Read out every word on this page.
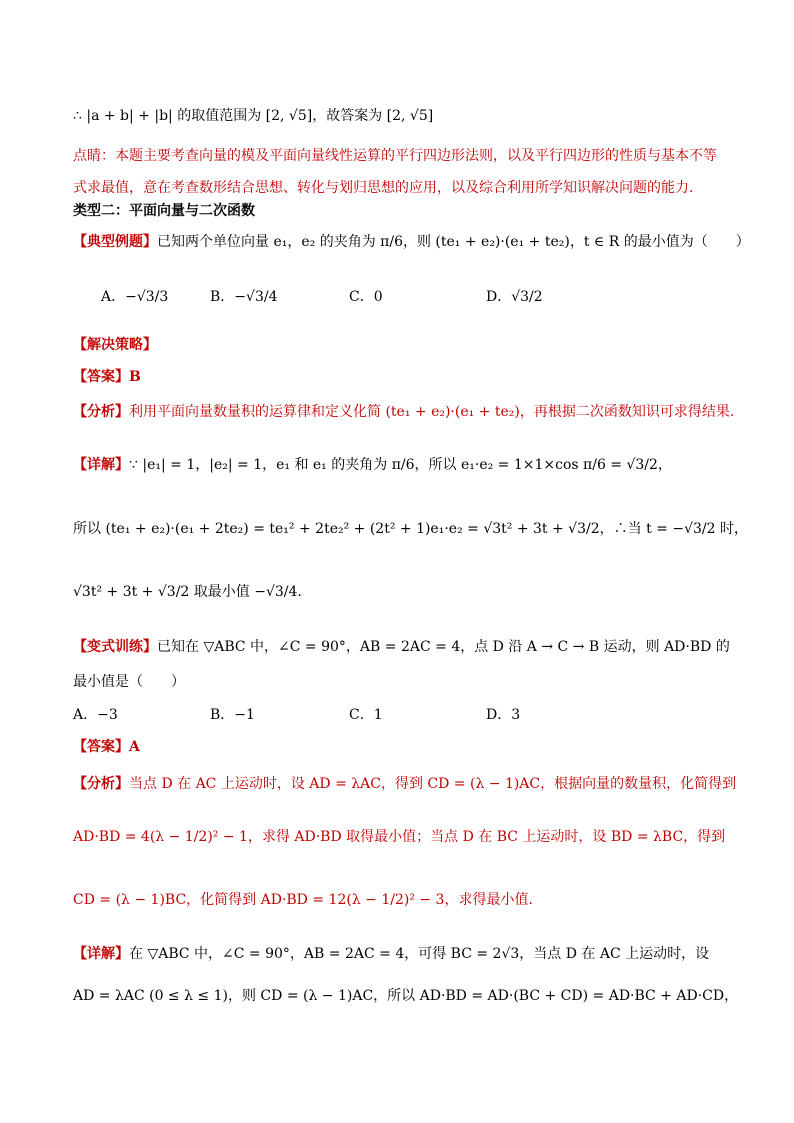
∴ |a + b| + |b| 的取值范围为 [2, √5]，故答案为 [2, √5]
点睛：本题主要考查向量的模及平面向量线性运算的平行四边形法则，以及平行四边形的性质与基本不等
式求最值，意在考查数形结合思想、转化与划归思想的应用，以及综合利用所学知识解决问题的能力.
类型二：平面向量与二次函数
【典型例题】已知两个单位向量 e₁，e₂ 的夹角为 π/6，则 (te₁ + e₂)·(e₁ + te₂)，t ∈ R 的最小值为（　　）
A．−√3/3	B．−√3/4	C．0	D．√3/2
【解决策略】
【答案】B
【分析】利用平面向量数量积的运算律和定义化简 (te₁ + e₂)·(e₁ + te₂)，再根据二次函数知识可求得结果.
【详解】∵ |e₁| = 1，|e₂| = 1，e₁ 和 e₁ 的夹角为 π/6，所以 e₁·e₂ = 1×1×cos π/6 = √3/2，
所以 (te₁ + e₂)·(e₁ + 2te₂) = te₁² + 2te₂² + (2t² + 1)e₁·e₂ = √3t² + 3t + √3/2，∴当 t = −√3/2 时，
√3t² + 3t + √3/2 取最小值 −√3/4.
【变式训练】已知在 ▽ABC 中，∠C = 90°，AB = 2AC = 4，点 D 沿 A → C → B 运动，则 AD·BD 的
最小值是（　　）
A．−3	B．−1	C．1	D．3
【答案】A
【分析】当点 D 在 AC 上运动时，设 AD = λAC，得到 CD = (λ − 1)AC，根据向量的数量积，化简得到
AD·BD = 4(λ − 1/2)² − 1，求得 AD·BD 取得最小值；当点 D 在 BC 上运动时，设 BD = λBC，得到
CD = (λ − 1)BC，化简得到 AD·BD = 12(λ − 1/2)² − 3，求得最小值.
【详解】在 ▽ABC 中，∠C = 90°，AB = 2AC = 4，可得 BC = 2√3，当点 D 在 AC 上运动时，设
AD = λAC (0 ≤ λ ≤ 1)，则 CD = (λ − 1)AC，所以 AD·BD = AD·(BC + CD) = AD·BC + AD·CD，
